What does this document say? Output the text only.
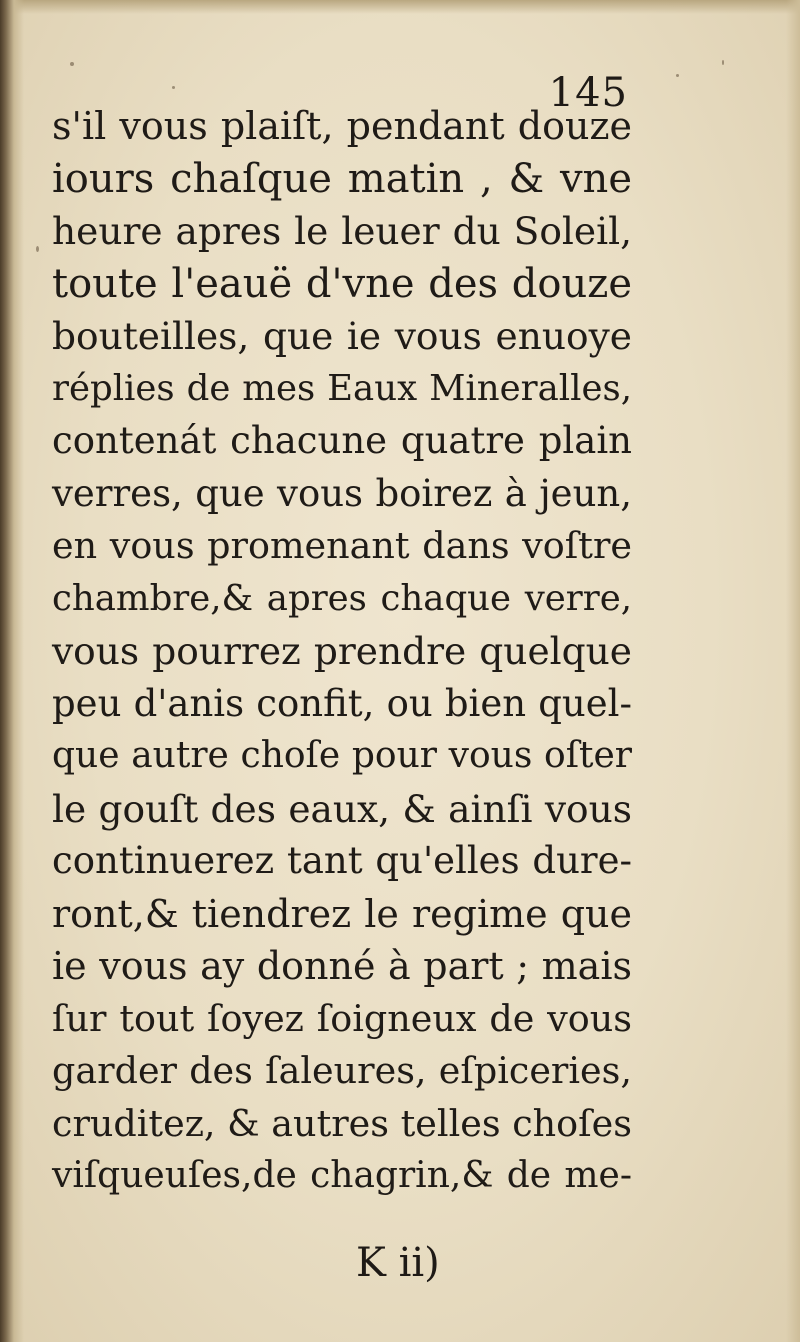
145
s'il vous plaiſt, pendant douze
iours chaſque matin , & vne
heure apres le leuer du Soleil,
toute l'eauë d'vne des douze
bouteilles, que ie vous enuoye
réplies de mes Eaux Mineralles,
contenát chacune quatre plain
verres, que vous boirez à jeun,
en vous promenant dans voſtre
chambre,& apres chaque verre,
vous pourrez prendre quelque
peu d'anis confit, ou bien quel-
que autre choſe pour vous oſter
le gouſt des eaux, & ainſi vous
continuerez tant qu'elles dure-
ront,& tiendrez le regime que
ie vous ay donné à part ; mais
ſur tout ſoyez ſoigneux de vous
garder des ſaleures, eſpiceries,
cruditez, & autres telles choſes
viſqueuſes,de chagrin,& de me-
K ii)
